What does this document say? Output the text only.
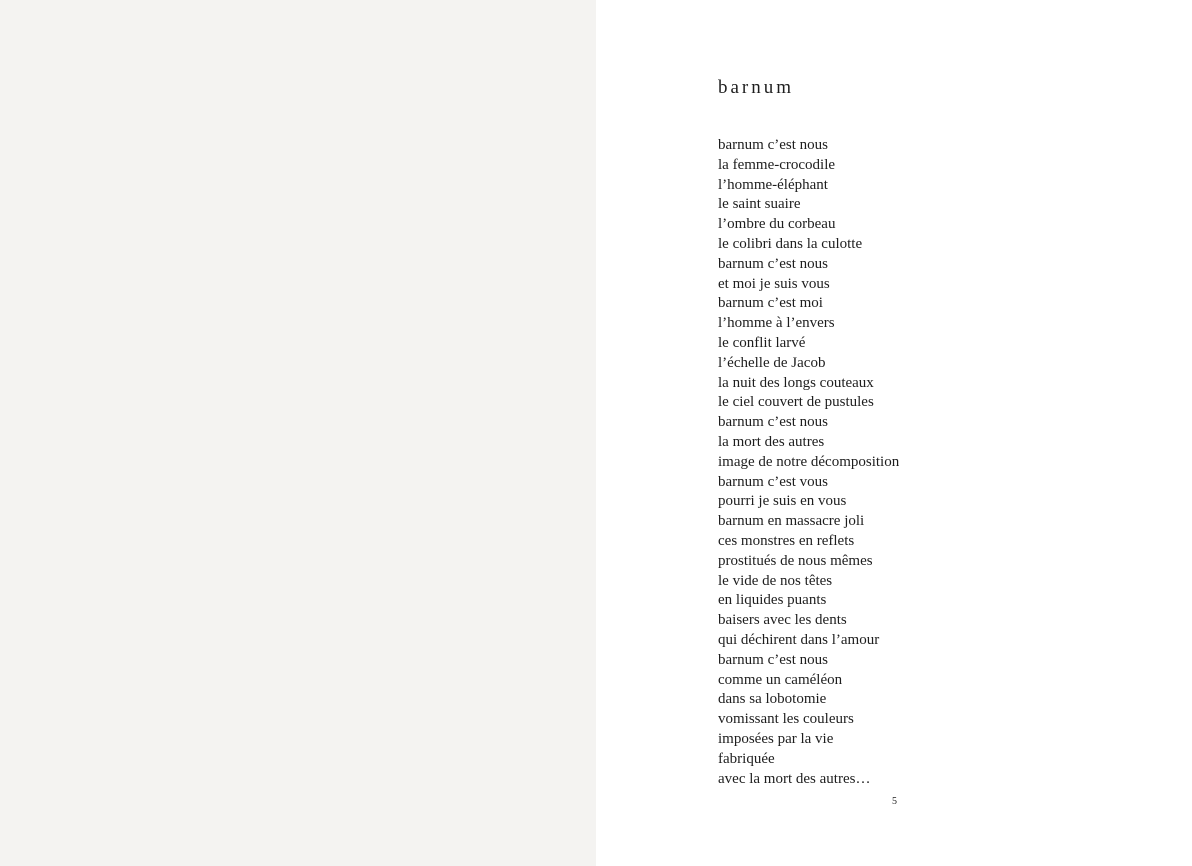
barnum
barnum c’est nous
la femme-crocodile
l’homme-éléphant
le saint suaire
l’ombre du corbeau
le colibri dans la culotte
barnum c’est nous
et moi je suis vous
barnum c’est moi
l’homme à l’envers
le conflit larvé
l’échelle de Jacob
la nuit des longs couteaux
le ciel couvert de pustules
barnum c’est nous
la mort des autres
image de notre décomposition
barnum c’est vous
pourri je suis en vous
barnum en massacre joli
ces monstres en reflets
prostitués de nous mêmes
le vide de nos têtes
en liquides puants
baisers avec les dents
qui déchirent dans l’amour
barnum c’est nous
comme un caméléon
dans sa lobotomie
vomissant les couleurs
imposées par la vie
fabriquée
avec la mort des autres…
5
